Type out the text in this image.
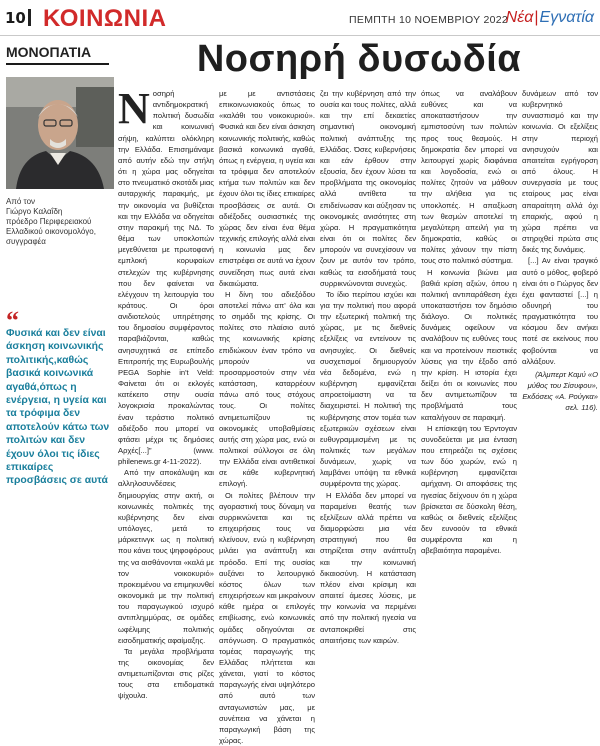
10 ΚΟΙΝΩΝΙΑ	ΠΕΜΠΤΗ 10 ΝΟΕΜΒΡΙΟΥ 2022
Νέα|Εγνατία
ΜΟΝΟΠΑΤΙΑ	Νοσηρή δυσωδία
Από τον
Γιώργο Καλαΐδη
πρόεδρο Περιφερειακού Ελλαδικού οικονομολόγο, συγγραφέα
“
Φυσικά και δεν είναι άσκηση κοινωνικής πολιτικής,καθώς βασικά κοινωνικά αγαθά,όπως η ενέργεια, η υγεία και τα τρόφιμα δεν αποτελούν κάτω των πολιτών και δεν έχουν όλοι τις ίδιες επικαίρες προσβάσεις σε αυτά
Ν οσηρή αντιδημοκρατική πολιτική δυσωδία και κοινωνική σήψη, καλύπτει ολόκληρη την Ελλάδα. Επισημάναμε από αυτήν εδώ την στήλη ότι η χώρα μας οδηγείται στο πνευματικό σκοτάδι μιας αυταρχικής παρακμής, με την οικονομία να βυθίζεται και την Ελλάδα να οδηγείται στην παρακμή της ΝΔ. Το θέμα των υποκλοπών μεγεθύνεται με πρωτοφανή εμπλοκή κορυφαίων στελεχών της κυβέρνησης που δεν φαίνεται να ελέγχουν τη λειτουργία του κράτους. Οι όροι ανιδιοτελούς υπηρέτησης του δημοσίου συμφέροντος παραβιάζονται, καθώς ανησυχητικά σε επίπεδο Επιτροπής της Ευρωβουλής PEGA Sophie in't Veld: Φαίνεται ότι οι εκλογές κατέκειτο στην ουσία λογοκρισία προκαλώντας έναν τεράστιο πολιτικό αδιέξοδο που μπορεί να φτάσει μέχρι τις δημόσιες Αρχές[...]” (www. philenews.gr 4-11-2022).

Από την αποκάλυψη και αλληλοσυνδέσεις δημιουργίας στην ακτή, οι κοινωνικές πολιτικές της κυβέρνησης δεν είναι υπόλογες, μετά το μάρκετινγκ ως η πολιτική που κάνει τους ψηφοφόρους της να αισθάνονται «καλά με τον νοικοκυριό» προκειμένου να επιμηκυνθεί οικονομικά με την πολιτική του παραγωγικού ισχυρό αντιπλημμύρας, σε ομάδες ωφέλιμης πολιτικής εισοδηματικής αφαίμαξης.

Τα μεγάλα προβλήματα της οικονομίας δεν αντιμετωπίζονται στις ρίζες τους στα επιδοματικά ψίχουλα.

με με αντιστάσεις επικοινωνιακούς όπως το «καλάθι του νοικοκυριού». Φυσικά και δεν είναι άσκηση κοινωνικής πολιτικής, καθώς βασικά κοινωνικά αγαθά, όπως η ενέργεια, η υγεία και τα τρόφιμα δεν αποτελούν κτήμα των πολιτών και δεν έχουν όλοι τις ίδιες επικαίρες προσβάσεις σε αυτά. Οι αδιέξοδες ουσιαστικές της χώρας δεν είναι ένα θέμα τεχνικής επιλογής αλλά είναι η κοινωνία μας δεν επιστρέφει σε αυτά να έχουν συνείδηση πως αυτά είναι δικαιώματα.

Η δίνη του αδιεξόδου αποτελεί πάνω απ' όλα και το σημάδι της κρίσης. Οι πολίτες στο πλαίσιο αυτό της κοινωνικής κρίσης επιδιώκουν έναν τρόπο να μπορούν να προσαρμοστούν στην νέα κατάσταση, καταρρέουν πάνω από τους στόχους τους. Οι πολίτες αντιμετωπίζουν τις οικονομικές υποβαθμίσεις αυτής στη χώρα μας, ενώ οι πολιτικοί σύλλογοι σε όλη την Ελλάδα είναι αντιθετικοί σε κάθε κυβερνητική επιλογή.

Οι πολίτες βλέπουν την αγοραστική τους δύναμη να συρρικνώνεται και τις επιχειρήσεις τους να κλείνουν, ενώ η κυβέρνηση μιλάει για ανάπτυξη και πρόοδο. Επί της ουσίας αυξάνει το λειτουργικό κόστος όλων των επιχειρήσεων και μικραίνουν κάθε ημέρα οι επιλογές επιβίωσης, ενώ κοινωνικές ομάδες οδηγούνται σε απόγνωση. Ο πραγματικός τομέας παραγωγής της Ελλάδας πλήττεται και χάνεται, γιατί το κόστος παραγωγής είναι υψηλότερο από αυτό των ανταγωνιστών μας, με συνέπεια να χάνεται η παραγωγική βάση της χώρας.

ζει την κυβέρνηση από την ουσία και τους πολίτες, αλλά και την επί δεκαετίες σημαντική οικονομική πολιτική ανάπτυξης της Ελλάδας. Όσες κυβερνήσεις και εάν έρθουν στην εξουσία, δεν έχουν λύσει τα προβλήματα της οικονομίας αλλά αντίθετα τα επιδείνωσαν και αύξησαν τις οικονομικές ανισότητες στη χώρα. Η πραγματικότητα είναι ότι οι πολίτες δεν μπορούν να συνεχίσουν να ζουν με αυτόν τον τρόπο, καθώς τα εισοδήματά τους συρρικνώνονται συνεχώς.

Το ίδιο περίπου ισχύει και για την πολιτική που αφορά την εξωτερική πολιτική της χώρας, με τις διεθνείς εξελίξεις να εντείνουν τις ανησυχίες. Οι διεθνείς συσχετισμοί δημιουργούν νέα δεδομένα, ενώ η κυβέρνηση εμφανίζεται απροετοίμαστη να τα διαχειριστεί. Η πολιτική της κυβέρνησης στον τομέα των εξωτερικών σχέσεων είναι ευθυγραμμισμένη με τις πολιτικές των μεγάλων δυνάμεων, χωρίς να λαμβάνει υπόψη τα εθνικά συμφέροντα της χώρας.

Η Ελλάδα δεν μπορεί να παραμείνει θεατής των εξελίξεων αλλά πρέπει να διαμορφώσει μια νέα στρατηγική που θα στηρίζεται στην ανάπτυξη και την κοινωνική δικαιοσύνη. Η κατάσταση πλέον είναι κρίσιμη και απαιτεί άμεσες λύσεις, με την κοινωνία να περιμένει από την πολιτική ηγεσία να ανταποκριθεί στις απαιτήσεις των καιρών.

όπως να αναλάβουν ευθύνες και να αποκαταστήσουν την εμπιστοσύνη των πολιτών προς τους θεσμούς. Η δημοκρατία δεν μπορεί να λειτουργεί χωρίς διαφάνεια και λογοδοσία, ενώ οι πολίτες ζητούν να μάθουν την αλήθεια για τις υποκλοπές. Η απαξίωση των θεσμών αποτελεί τη μεγαλύτερη απειλή για τη δημοκρατία, καθώς οι πολίτες χάνουν την πίστη τους στο πολιτικό σύστημα.

Η κοινωνία βιώνει μια βαθιά κρίση αξιών, όπου η πολιτική αντιπαράθεση έχει υποκαταστήσει τον δημόσιο διάλογο. Οι πολιτικές δυνάμεις οφείλουν να αναλάβουν τις ευθύνες τους και να προτείνουν πειστικές λύσεις για την έξοδο από την κρίση. Η ιστορία έχει δείξει ότι οι κοινωνίες που δεν αντιμετωπίζουν τα προβλήματά τους καταλήγουν σε παρακμή.

Η επίσκεψη του Έρντογαν συνοδεύεται με μια ένταση που επηρεάζει τις σχέσεις των δύο χωρών, ενώ η κυβέρνηση εμφανίζεται αμήχανη. Οι αποφάσεις της ηγεσίας δείχνουν ότι η χώρα βρίσκεται σε δύσκολη θέση, καθώς οι διεθνείς εξελίξεις δεν ευνοούν τα εθνικά συμφέροντα και η αβεβαιότητα παραμένει.

δυνάμεων από τον κυβερνητικό συνασπισμό και την κοινωνία. Οι εξελίξεις στην περιοχή ανησυχούν και απαιτείται εγρήγορση από όλους. Η συνεργασία με τους εταίρους μας είναι απαραίτητη αλλά όχι επαρκής, αφού η χώρα πρέπει να στηριχθεί πρώτα στις δικές της δυνάμεις.

[...] Αν είναι τραγικό αυτό ο μόθος, φοβερό είναι ότι ο Γιώργος δεν έχει φανταστεί [...] η οδυνηρή του πραγματικότητα του κόσμου δεν ανήκει ποτέ σε εκείνους που φοβούνται να αλλάξουν.

(Άλμπερτ Καμύ «Ο μύθος του Σίσυφου», Εκδόσεις «Α. Ρούγκα» σελ. 116).
